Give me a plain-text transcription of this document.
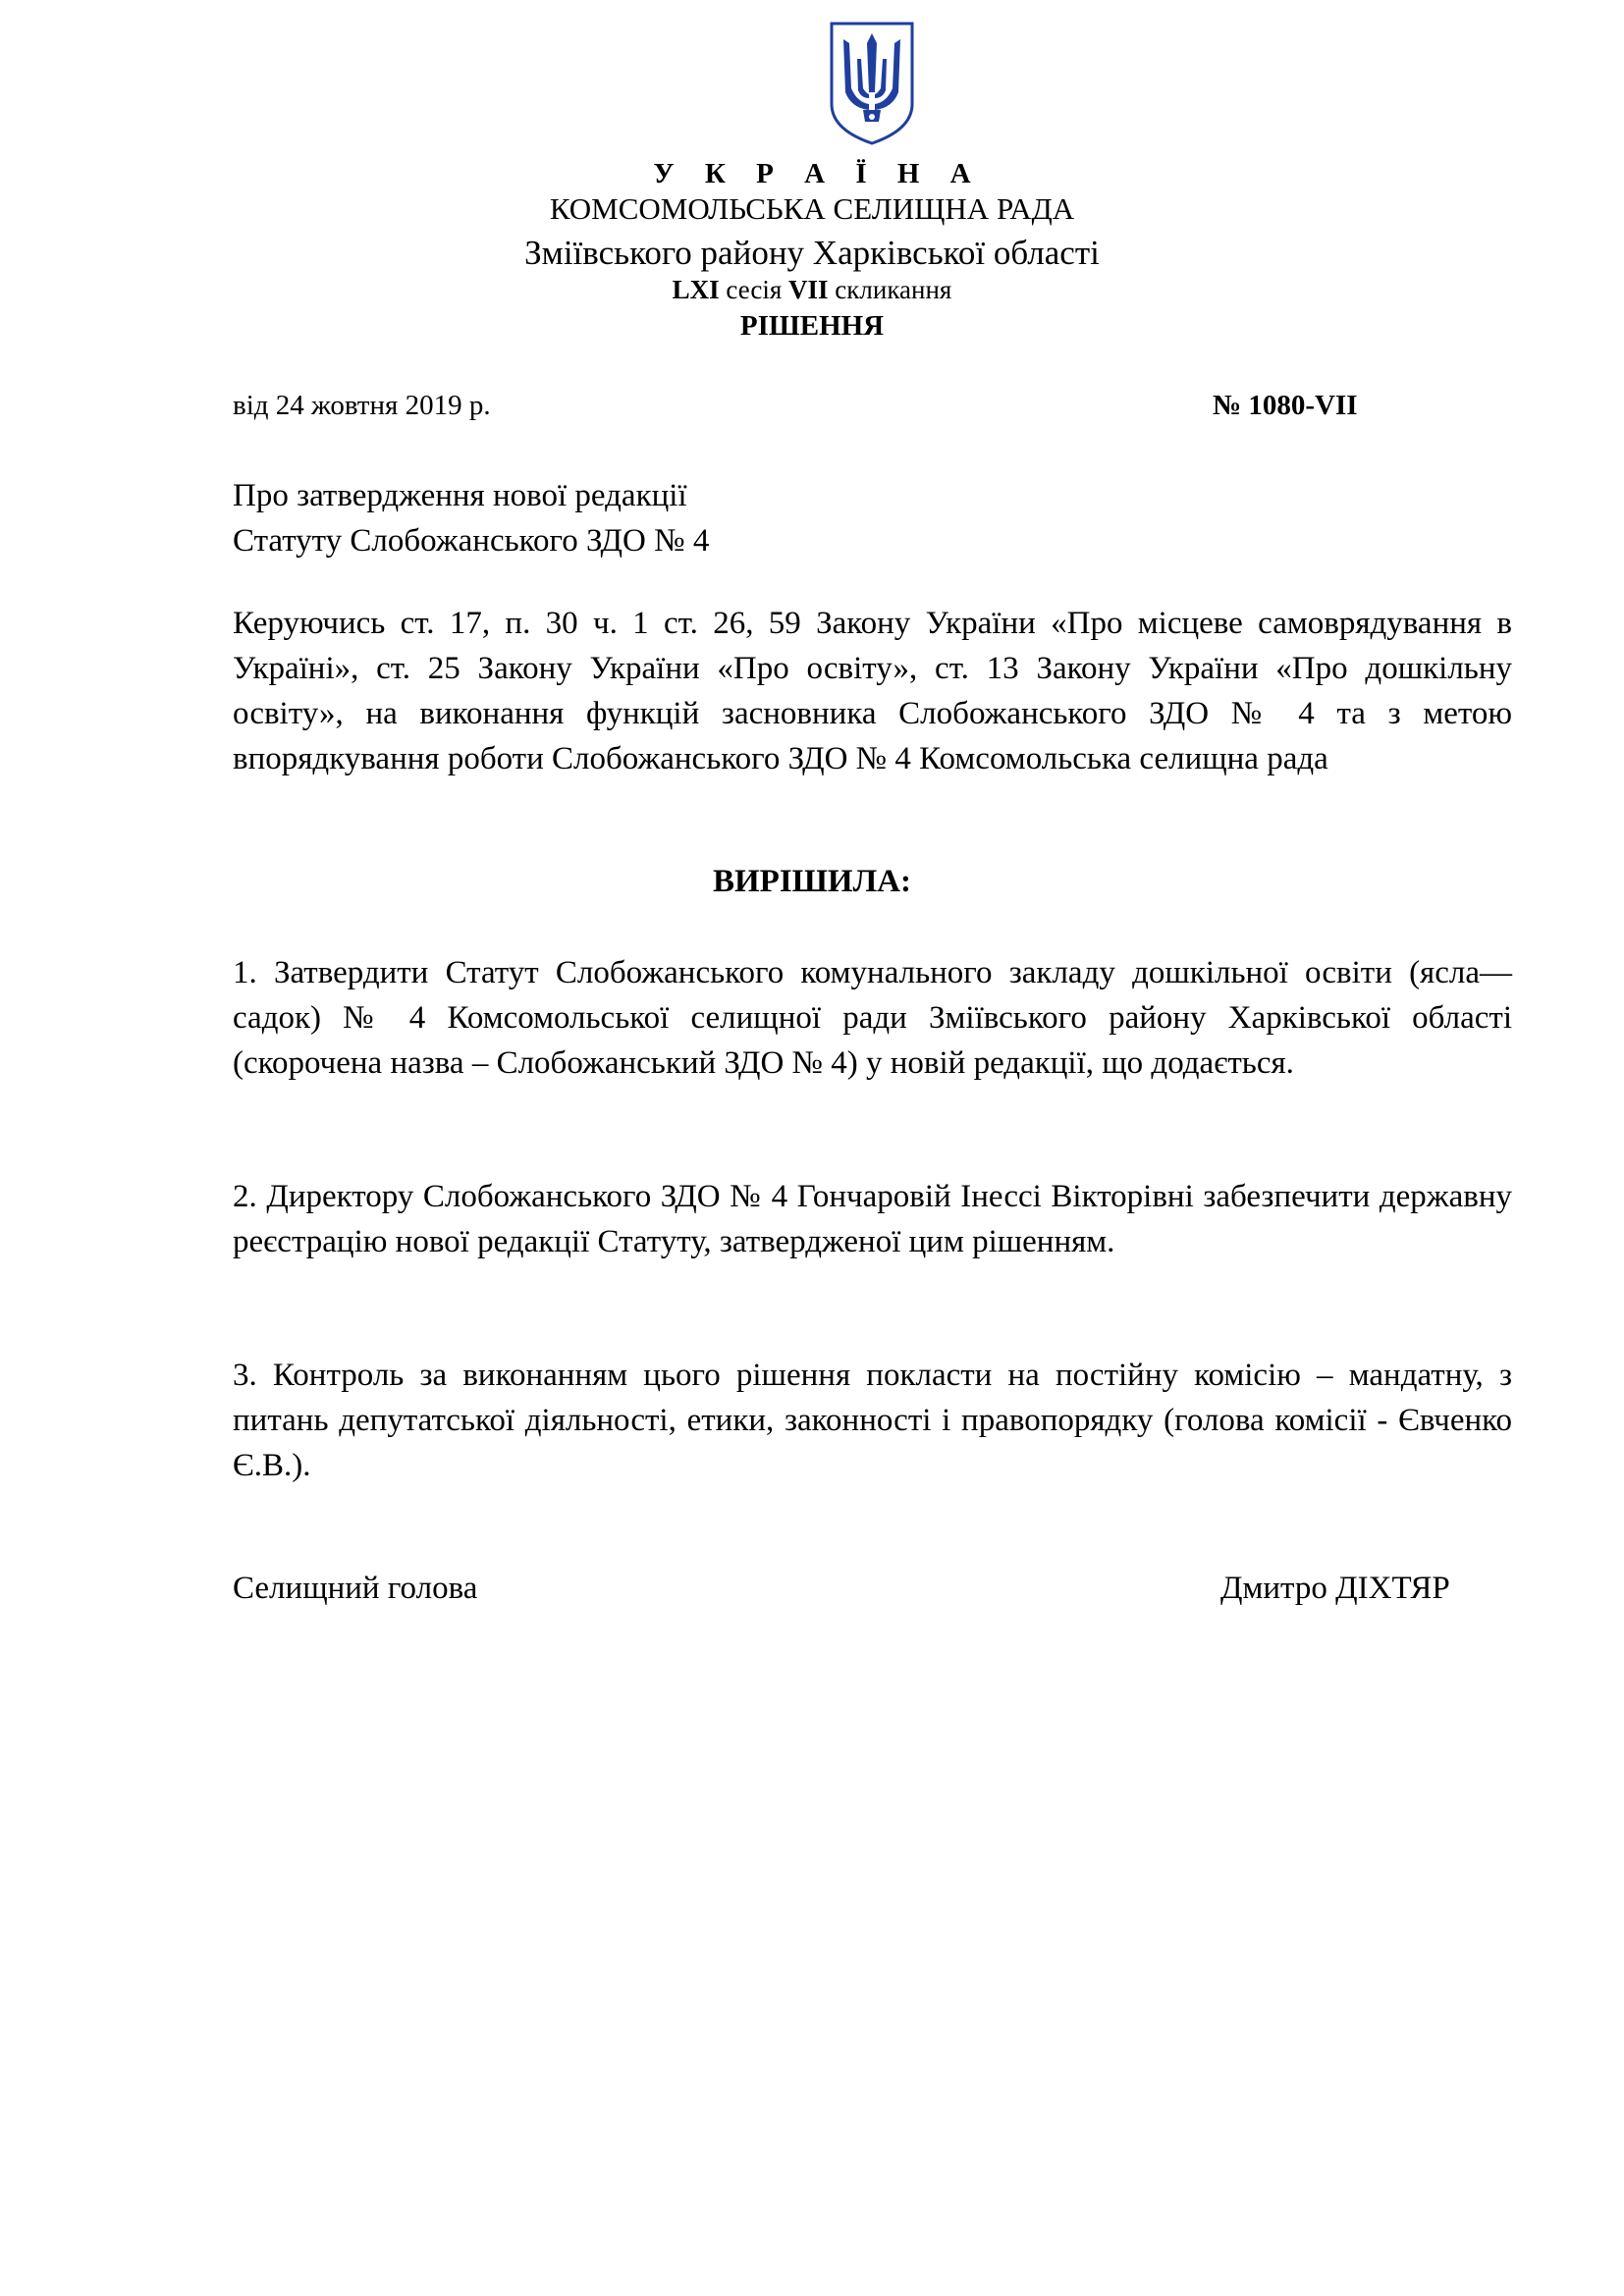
У К Р А Ї Н А
КОМСОМОЛЬСЬКА СЕЛИЩНА РАДА
Зміївського району Харківської області
LXI сесія VII скликання
РІШЕННЯ
від 24 жовтня 2019 р.	№ 1080-VII
Про затвердження нової редакції
Статуту Слобожанського ЗДО № 4
Керуючись ст. 17, п. 30 ч. 1 ст. 26, 59 Закону України «Про місцеве самоврядування в Україні», ст. 25 Закону України «Про освіту», ст. 13 Закону України «Про дошкільну освіту», на виконання функцій засновника Слобожанського ЗДО № 4 та з метою впорядкування роботи Слобожанського ЗДО № 4 Комсомольська селищна рада
ВИРІШИЛА:
1. Затвердити Статут Слобожанського комунального закладу дошкільної освіти (ясла—садок) № 4 Комсомольської селищної ради Зміївського району Харківської області (скорочена назва – Слобожанський ЗДО № 4) у новій редакції, що додається.
2. Директору Слобожанського ЗДО № 4 Гончаровій Інессі Вікторівні забезпечити державну реєстрацію нової редакції Статуту, затвердженої цим рішенням.
3. Контроль за виконанням цього рішення покласти на постійну комісію – мандатну, з питань депутатської діяльності, етики, законності і правопорядку (голова комісії - Євченко Є.В.).
Селищний голова	Дмитро ДІХТЯР
